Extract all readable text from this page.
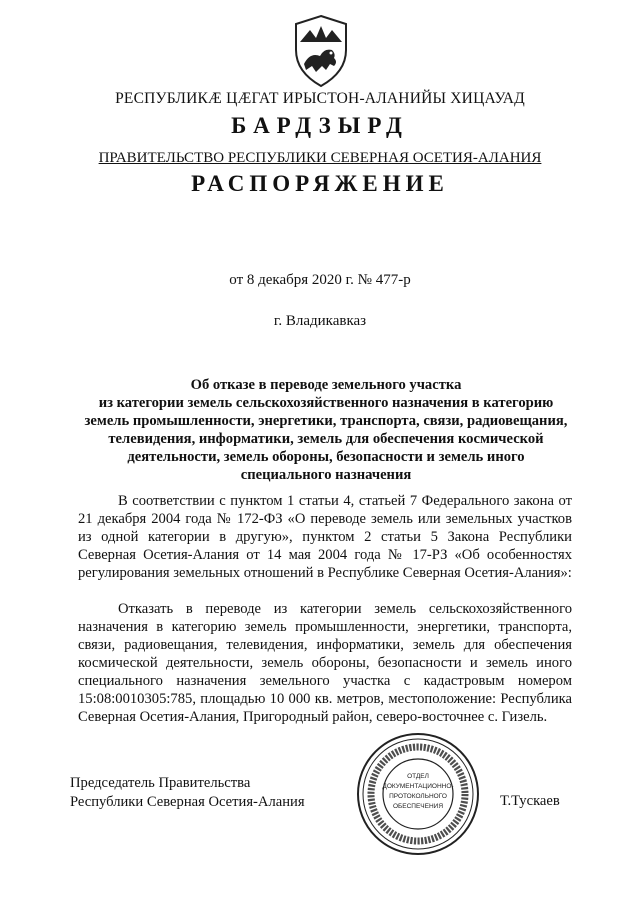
РЕСПУБЛИКӔ ЦӔГАТ ИРЫСТОН-АЛАНИЙЫ ХИЦАУАД
БАРДЗЫРД
ПРАВИТЕЛЬСТВО РЕСПУБЛИКИ СЕВЕРНАЯ ОСЕТИЯ-АЛАНИЯ
РАСПОРЯЖЕНИЕ
от 8 декабря 2020 г. № 477-р
г. Владикавказ
Об отказе в переводе земельного участка
из категории земель сельскохозяйственного назначения в категорию
земель промышленности, энергетики, транспорта, связи, радиовещания,
телевидения, информатики, земель для обеспечения космической
деятельности, земель обороны, безопасности и земель иного
специального назначения

В соответствии с пунктом 1 статьи 4, статьей 7 Федерального закона от 21 декабря 2004 года № 172-ФЗ «О переводе земель или земельных участков из одной категории в другую», пунктом 2 статьи 5 Закона Республики Северная Осетия-Алания от 14 мая 2004 года № 17-РЗ «Об особенностях регулирования земельных отношений в Республике Северная Осетия-Алания»:

Отказать в переводе из категории земель сельскохозяйственного назначения в категорию земель промышленности, энергетики, транспорта, связи, радиовещания, телевидения, информатики, земель для обеспечения космической деятельности, земель обороны, безопасности и земель иного специального назначения земельного участка с кадастровым номером 15:08:0010305:785, площадью 10 000 кв. метров, местоположение: Республика Северная Осетия-Алания, Пригородный район, северо-восточнее с. Гизель.

Председатель Правительства
Республики Северная Осетия-Алания
ОТДЕЛ
ДОКУМЕНТАЦИОННО-
ПРОТОКОЛЬНОГО
ОБЕСПЕЧЕНИЯ	Т.Тускаев
